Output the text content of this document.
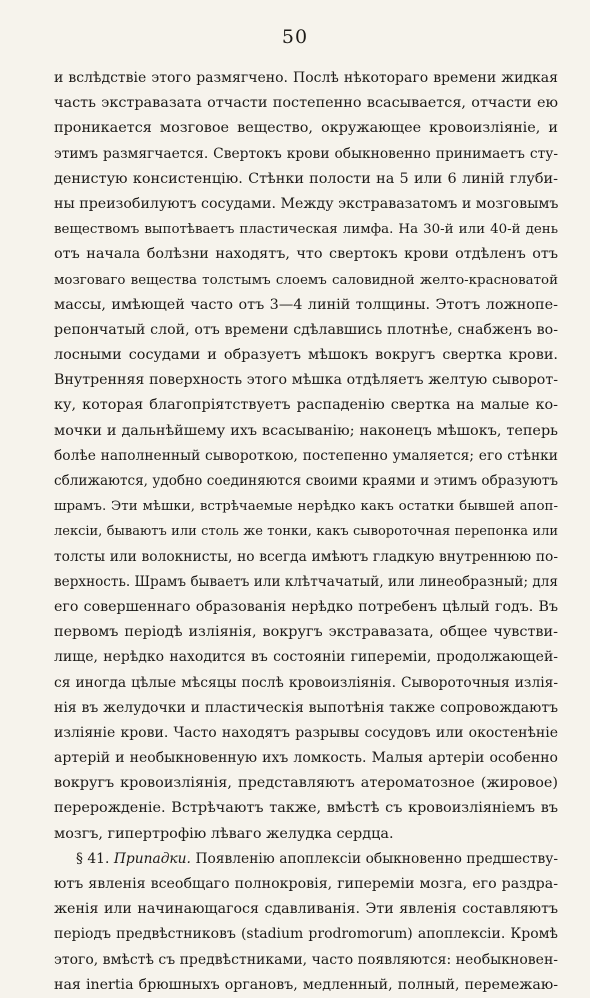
50
и вслѣдствіе этого размягчено. Послѣ нѣкотораго времени жидкая
часть экстравазата отчасти постепенно всасывается, отчасти ею
проникается мозговое вещество, окружающее кровоизліяніе, и
этимъ размягчается. Свертокъ крови обыкновенно принимаетъ сту-
денистую консистенцію. Стѣнки полости на 5 или 6 линій глуби-
ны преизобилуютъ сосудами. Между экстравазатомъ и мозговымъ
веществомъ выпотѣваетъ пластическая лимфа. На 30-й или 40-й день
отъ начала болѣзни находятъ, что свертокъ крови отдѣленъ отъ
мозговаго вещества толстымъ слоемъ саловидной желто-красноватой
массы, имѣющей часто отъ 3—4 линій толщины. Этотъ ложнопе-
репончатый слой, отъ времени сдѣлавшись плотнѣе, снабженъ во-
лосными сосудами и образуетъ мѣшокъ вокругъ свертка крови.
Внутренняя поверхность этого мѣшка отдѣляетъ желтую сыворот-
ку, которая благопріятствуетъ распаденію свертка на малые ко-
мочки и дальнѣйшему ихъ всасыванію; наконецъ мѣшокъ, теперь
болѣе наполненный сывороткою, постепенно умаляется; его стѣнки
сближаются, удобно соединяются своими краями и этимъ образуютъ
шрамъ. Эти мѣшки, встрѣчаемые нерѣдко какъ остатки бывшей апоп-
лексіи, бываютъ или столь же тонки, какъ сывороточная перепонка или
толсты или волокнисты, но всегда имѣютъ гладкую внутреннюю по-
верхность. Шрамъ бываетъ или клѣтчачатый, или линеобразный; для
его совершеннагo образованія нерѣдко потребенъ цѣлый годъ. Въ
первомъ періодѣ изліянія, вокругъ экстравазата, общее чувстви-
лище, нерѣдко находится въ состояніи гипереміи, продолжающей-
ся иногда цѣлые мѣсяцы послѣ кровоизліянія. Сывороточныя излія-
нія въ желудочки и пластическія выпотѣнія также сопровождаютъ
изліяніе крови. Часто находятъ разрывы сосудовъ или окостенѣніе
артерій и необыкновенную ихъ ломкость. Малыя артеріи особенно
вокругъ кровоизліянія, представляютъ атероматозное (жировое)
перерожденіе. Встрѣчаютъ также, вмѣстѣ съ кровоизліяніемъ въ
мозгъ, гипертрофію лѣваго желудка сердца.
§ 41. Припадки. Появленію апоплексіи обыкновенно предшеству-
ютъ явленія всеобщаго полнокровія, гипереміи мозга, его раздра-
женія или начинающагося сдавливанія. Эти явленія составляютъ
періодъ предвѣстниковъ (stadium prodromorum) апоплексіи. Кромѣ
этого, вмѣстѣ съ предвѣстниками, часто появляются: необыкновен-
ная inertia брюшныхъ органовъ, медленный, полный, перемежаю-
